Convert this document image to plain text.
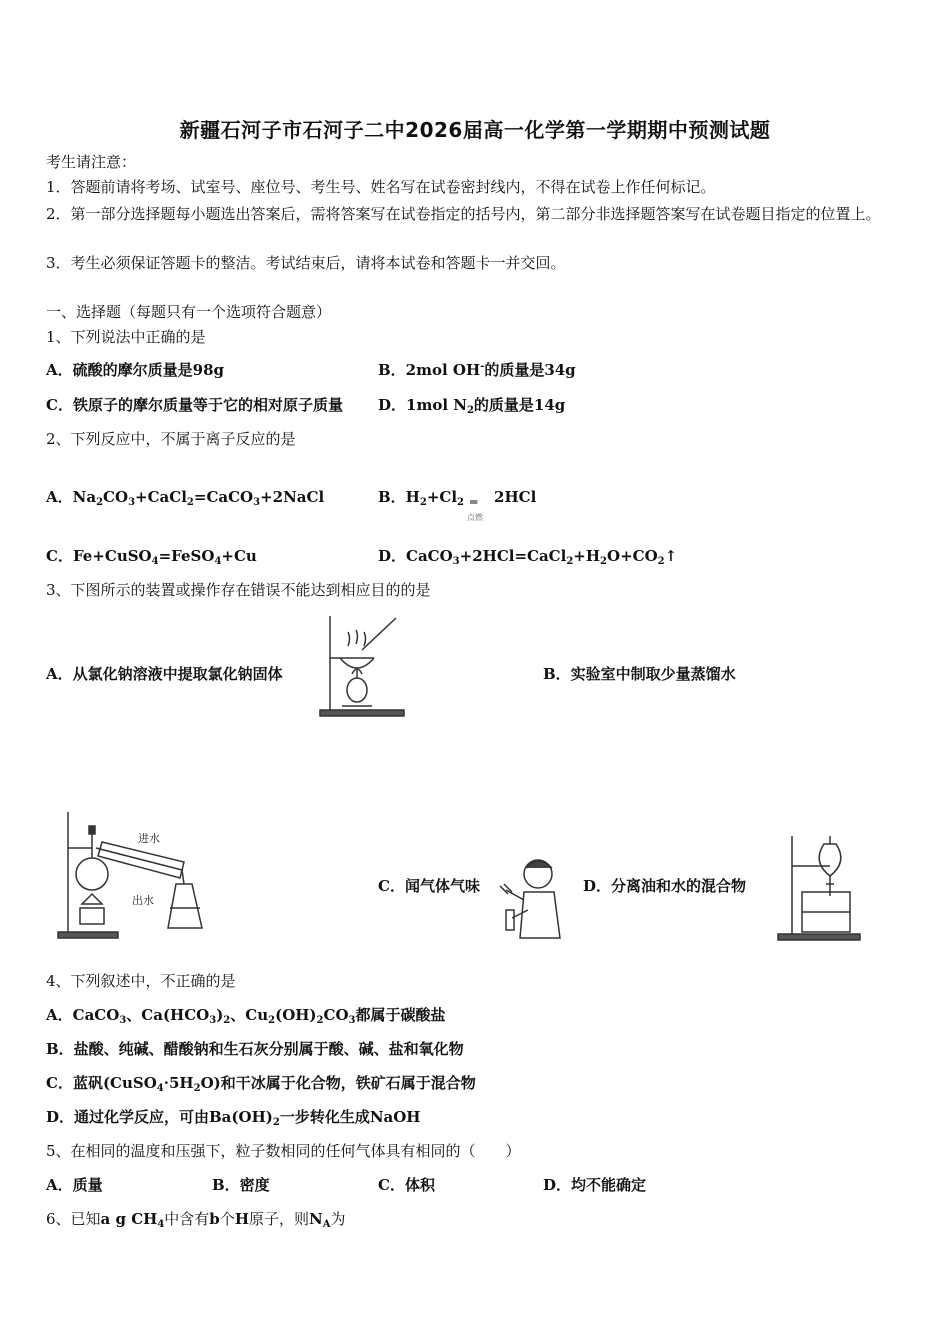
新疆石河子市石河子二中2026届高一化学第一学期期中预测试题
考生请注意：
1．答题前请将考场、试室号、座位号、考生号、姓名写在试卷密封线内，不得在试卷上作任何标记。
2．第一部分选择题每小题选出答案后，需将答案写在试卷指定的括号内，第二部分非选择题答案写在试卷题目指定的位置上。
3．考生必须保证答题卡的整洁。考试结束后，请将本试卷和答题卡一并交回。
一、选择题（每题只有一个选项符合题意）
1、下列说法中正确的是
A．硫酸的摩尔质量是98g	B．2mol OH-的质量是34g
C．铁原子的摩尔质量等于它的相对原子质量 D．1mol $N_2$的质量是14g
2、下列反应中，不属于离子反应的是
A．$Na_2CO_3+CaCl_2=CaCO_3+2NaCl$	B．$H_2+Cl_2$ ═
点燃
2HCl
C．Fe+CuSO$_4$=FeSO$_4$+Cu	D．$CaCO_3+2HCl=CaCl_2+H_2O+CO_2↑$
3、下图所示的装置或操作存在错误不能达到相应目的的是
A．从氯化钠溶液中提取氯化钠固体	B．实验室中制取少量蒸馏水
C．闻气体气味	D．分离油和水的混合物
进水
出水
4、下列叙述中，不正确的是
A．CaCO$_3$、$Ca(HCO_3)_2$、$Cu_2(OH)_2CO_3$都属于碳酸盐
B．盐酸、纯碱、醋酸钠和生石灰分别属于酸、碱、盐和氧化物
C．蓝矾$(CuSO_4\cdot 5H_2O)$和干冰属于化合物，铁矿石属于混合物
D．通过化学反应，可由$Ba(OH)_2$一步转化生成NaOH
5、在相同的温度和压强下，粒子数相同的任何气体具有相同的（　　）
A．质量	B．密度	C．体积	D．均不能确定
6、已知a g $CH_4$中含有b个H原子，则$N_A$为
